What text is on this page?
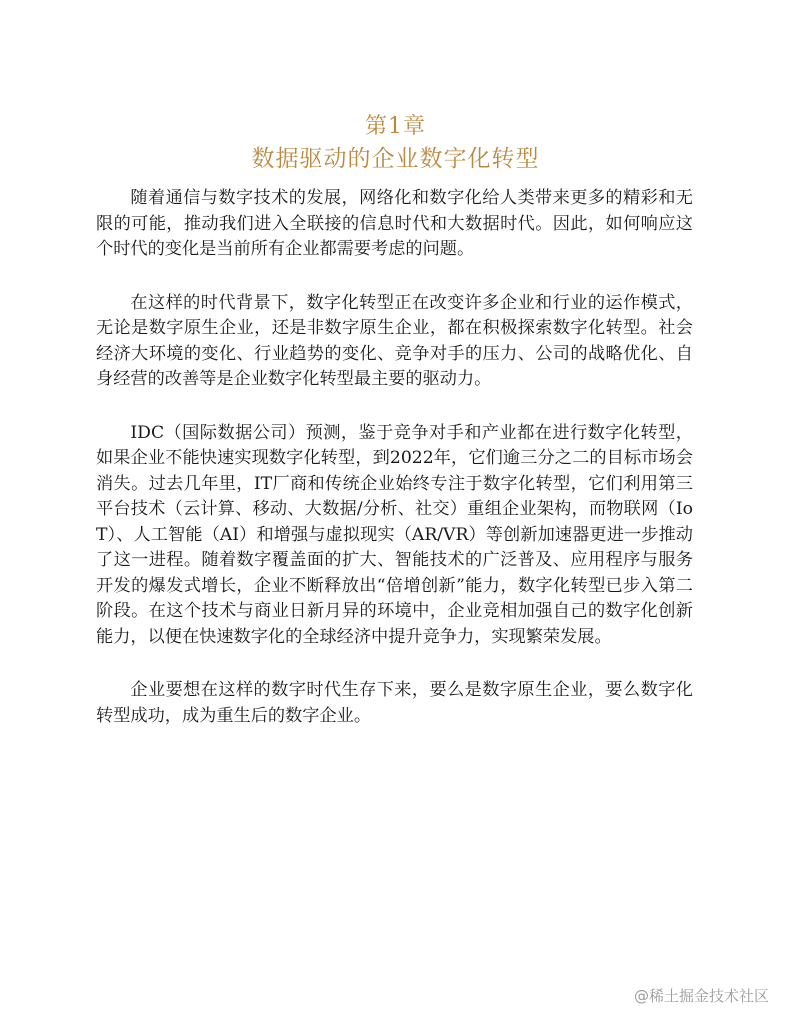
第1章
数据驱动的企业数字化转型

随着通信与数字技术的发展，网络化和数字化给人类带来更多的精彩和无限的可能，推动我们进入全联接的信息时代和大数据时代。因此，如何响应这个时代的变化是当前所有企业都需要考虑的问题。

在这样的时代背景下，数字化转型正在改变许多企业和行业的运作模式，无论是数字原生企业，还是非数字原生企业，都在积极探索数字化转型。社会经济大环境的变化、行业趋势的变化、竞争对手的压力、公司的战略优化、自身经营的改善等是企业数字化转型最主要的驱动力。

IDC（国际数据公司）预测，鉴于竞争对手和产业都在进行数字化转型，如果企业不能快速实现数字化转型，到2022年，它们逾三分之二的目标市场会消失。过去几年里，IT厂商和传统企业始终专注于数字化转型，它们利用第三平台技术（云计算、移动、大数据/分析、社交）重组企业架构，而物联网（IoT）、人工智能（AI）和增强与虚拟现实（AR/VR）等创新加速器更进一步推动了这一进程。随着数字覆盖面的扩大、智能技术的广泛普及、应用程序与服务开发的爆发式增长，企业不断释放出“倍增创新”能力，数字化转型已步入第二阶段。在这个技术与商业日新月异的环境中，企业竞相加强自己的数字化创新能力，以便在快速数字化的全球经济中提升竞争力，实现繁荣发展。

企业要想在这样的数字时代生存下来，要么是数字原生企业，要么数字化转型成功，成为重生后的数字企业。

@稀土掘金技术社区
